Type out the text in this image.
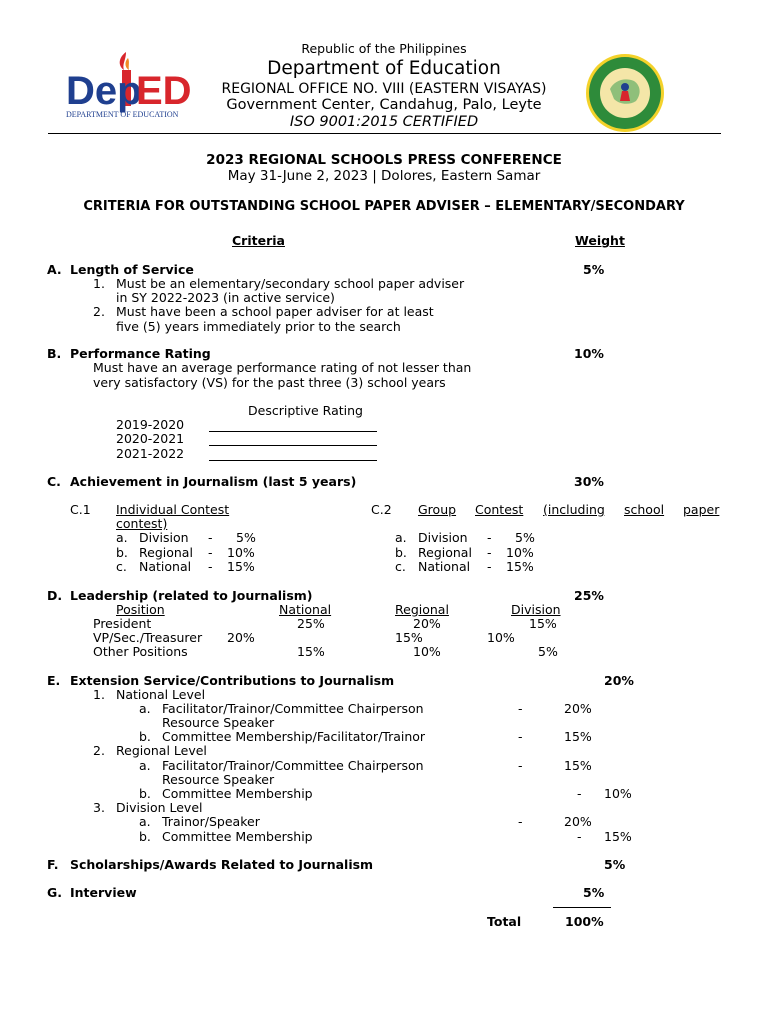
Dep
ED
DEPARTMENT OF EDUCATION
Republic of the Philippines
Department of Education
REGIONAL OFFICE NO. VIII (EASTERN VISAYAS)
Government Center, Candahug, Palo, Leyte
ISO 9001:2015 CERTIFIED
2023 REGIONAL SCHOOLS PRESS CONFERENCE
May 31-June 2, 2023 | Dolores, Eastern Samar
CRITERIA FOR OUTSTANDING SCHOOL PAPER ADVISER – ELEMENTARY/SECONDARY
Criteria	Weight
A. Length of Service	5%
1. Must be an elementary/secondary school paper adviser
in SY 2022-2023 (in active service)
2. Must have been a school paper adviser for at least
five (5) years immediately prior to the search
B. Performance Rating	10%
Must have an average performance rating of not lesser than
very satisfactory (VS) for the past three (3) school years
Descriptive Rating
2019-2020
2020-2021
2021-2022
C. Achievement in Journalism (last 5 years)	30%
C.1 Individual Contest	C.2 Group Contest (including school paper
contest)
a. Division - 5%
b. Regional - 10%
c. National - 15%
a. Division - 5%
b. Regional - 10%
c. National - 15%
D. Leadership (related to Journalism)	25%
Position	National	Regional	Division
President	25%	20%	15%
VP/Sec./Treasurer 20%	15%	10%
Other Positions	15%	10%	5%
E. Extension Service/Contributions to Journalism	20%
1. National Level
a. Facilitator/Trainor/Committee Chairperson	-	20%
Resource Speaker
b. Committee Membership/Facilitator/Trainor	-	15%
2. Regional Level
a. Facilitator/Trainor/Committee Chairperson	-	15%
Resource Speaker
b. Committee Membership	- 10%
3. Division Level
a. Trainor/Speaker	-	20%
b. Committee Membership	- 15%
F. Scholarships/Awards Related to Journalism	5%
G. Interview	5%
Total	100%
